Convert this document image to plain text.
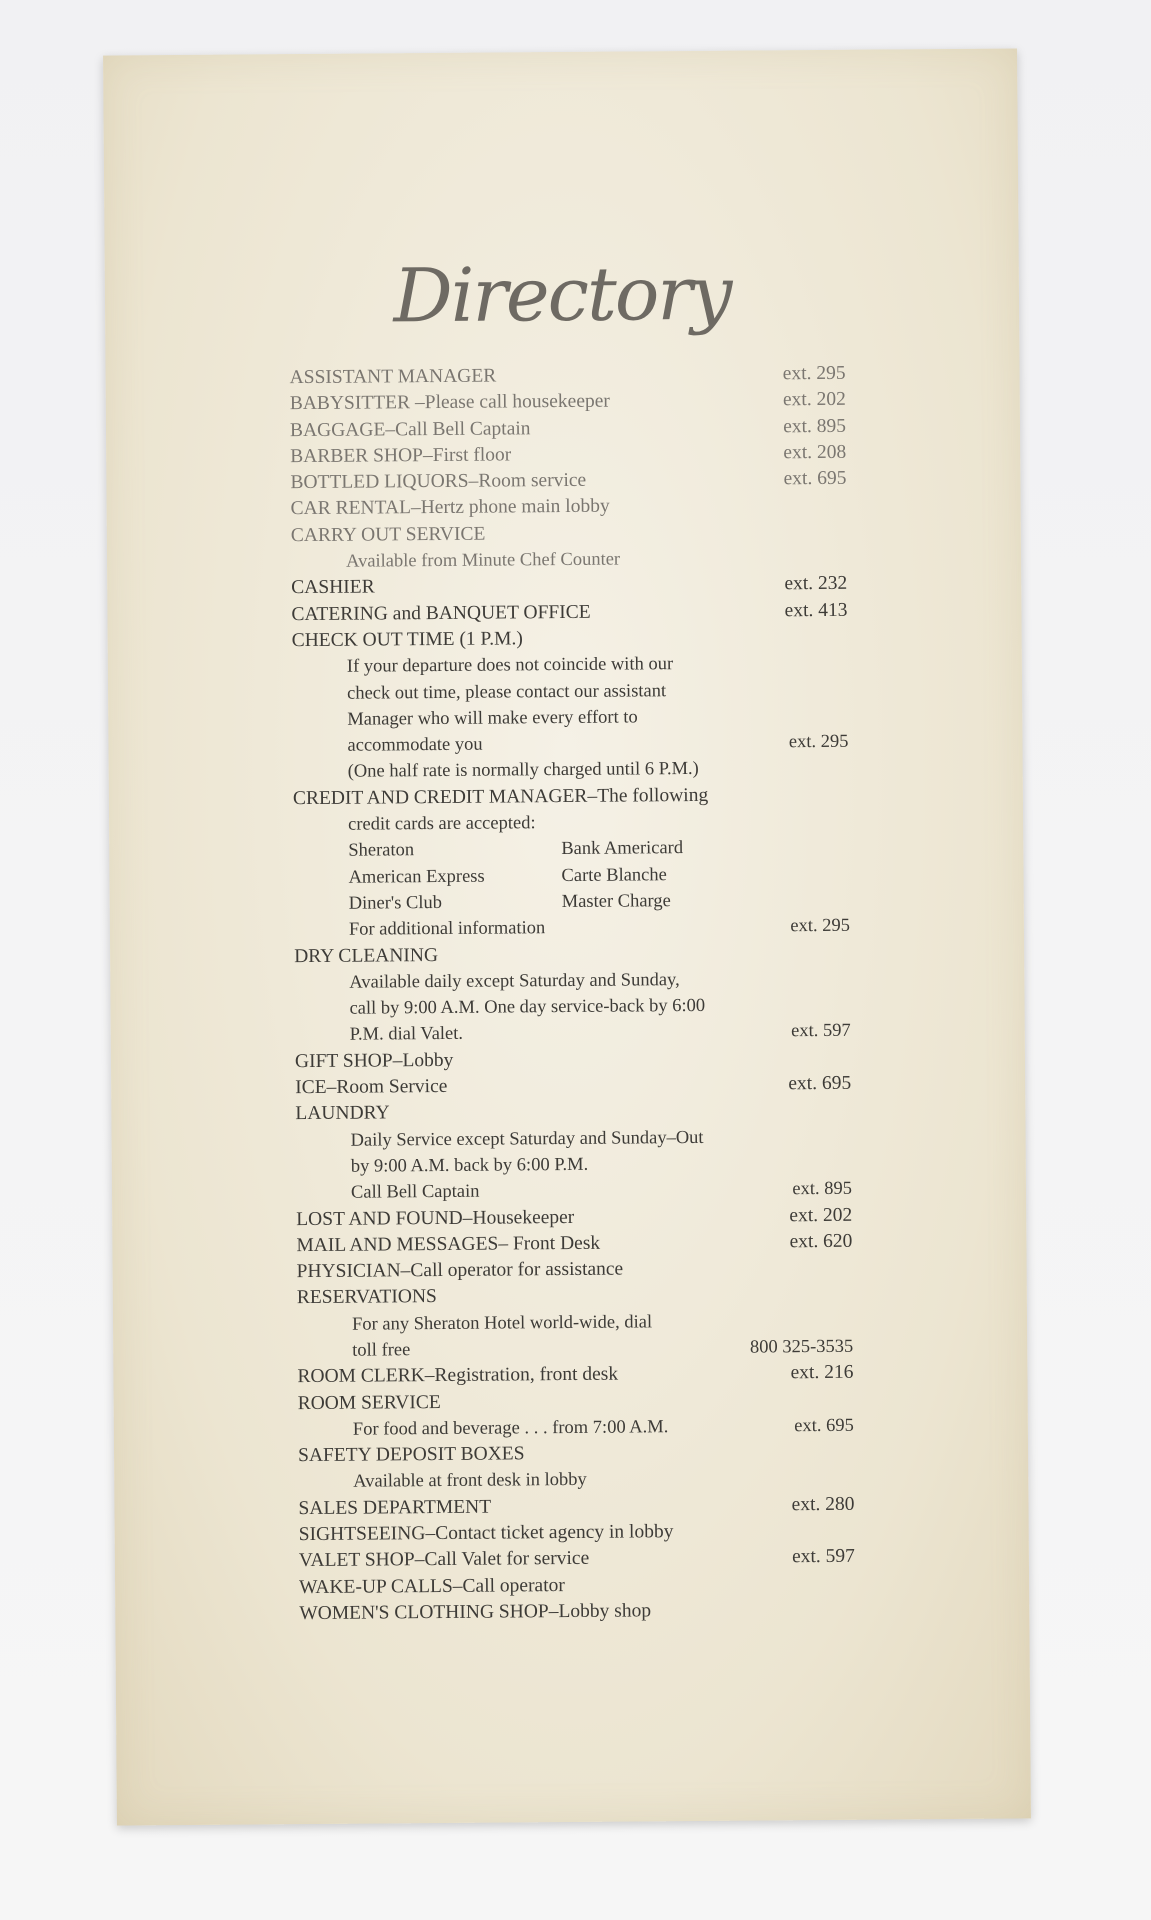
Directory
ASSISTANT MANAGER	ext. 295
BABYSITTER –Please call housekeeper	ext. 202
BAGGAGE–Call Bell Captain	ext. 895
BARBER SHOP–First floor	ext. 208
BOTTLED LIQUORS–Room service	ext. 695
CAR RENTAL–Hertz phone main lobby
CARRY OUT SERVICE
Available from Minute Chef Counter
CASHIER	ext. 232
CATERING and BANQUET OFFICE	ext. 413
CHECK OUT TIME (1 P.M.)
If your departure does not coincide with our
check out time, please contact our assistant
Manager who will make every effort to
accommodate you	ext. 295
(One half rate is normally charged until 6 P.M.)
CREDIT AND CREDIT MANAGER–The following
credit cards are accepted:
Sheraton	Bank Americard
American Express	Carte Blanche
Diner's Club	Master Charge
For additional information	ext. 295
DRY CLEANING
Available daily except Saturday and Sunday,
call by 9:00 A.M. One day service-back by 6:00
P.M. dial Valet.	ext. 597
GIFT SHOP–Lobby
ICE–Room Service	ext. 695
LAUNDRY
Daily Service except Saturday and Sunday–Out
by 9:00 A.M. back by 6:00 P.M.
Call Bell Captain	ext. 895
LOST AND FOUND–Housekeeper	ext. 202
MAIL AND MESSAGES– Front Desk	ext. 620
PHYSICIAN–Call operator for assistance
RESERVATIONS
For any Sheraton Hotel world-wide, dial
toll free	800 325-3535
ROOM CLERK–Registration, front desk	ext. 216
ROOM SERVICE
For food and beverage . . . from 7:00 A.M.	ext. 695
SAFETY DEPOSIT BOXES
Available at front desk in lobby
SALES DEPARTMENT	ext. 280
SIGHTSEEING–Contact ticket agency in lobby
VALET SHOP–Call Valet for service	ext. 597
WAKE-UP CALLS–Call operator
WOMEN'S CLOTHING SHOP–Lobby shop
